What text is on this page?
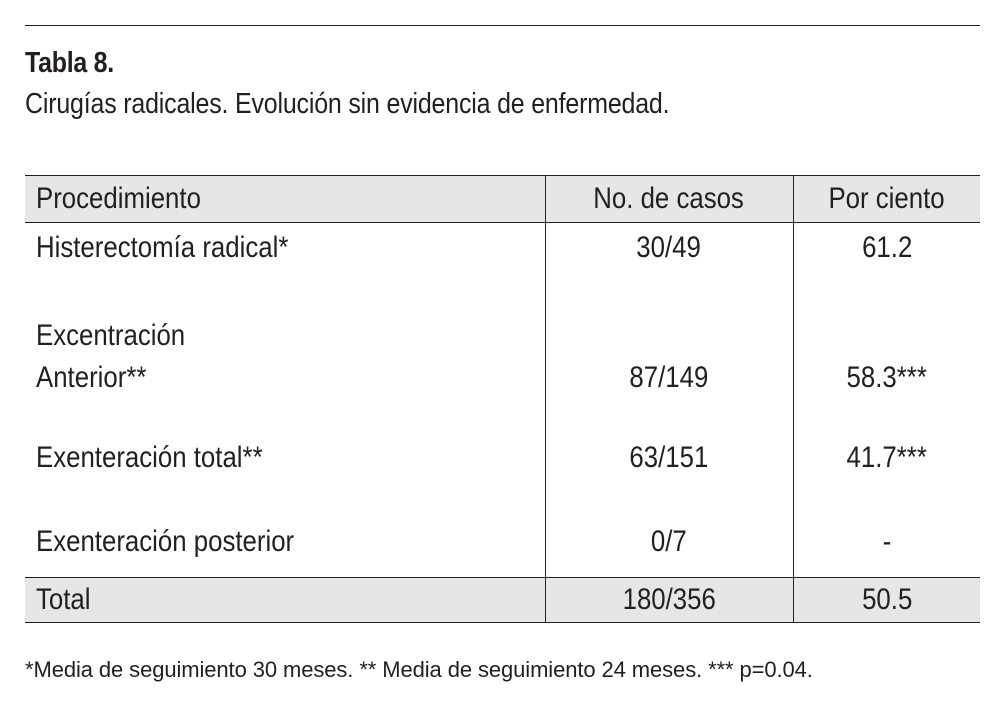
Tabla 8.
Cirugías radicales. Evolución sin evidencia de enfermedad.
Procedimiento	No. de casos	Por ciento
Histerectomía radical*	30/49	61.2

Excentración
Anterior**	87/149	58.3***

Exenteración total**	63/151	41.7***
Exenteración posterior	0/7	-
Total	180/356	50.5
*Media de seguimiento 30 meses. ** Media de seguimiento 24 meses. *** p=0.04.
